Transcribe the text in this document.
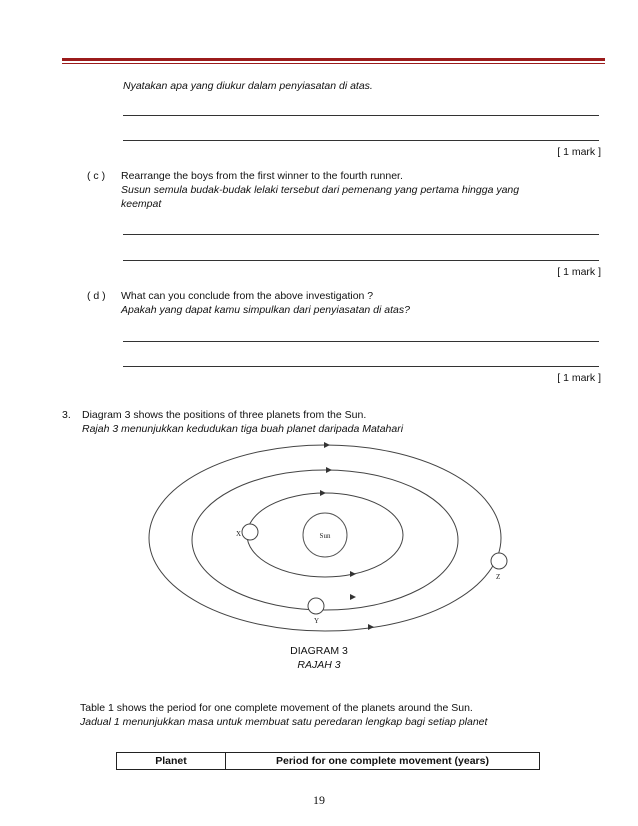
Nyatakan apa yang diukur dalam penyiasatan di atas.
[ 1 mark ]
( c ) Rearrange the boys from the first winner to the fourth runner.
Susun semula budak-budak lelaki tersebut dari pemenang yang pertama hingga yang
keempat
[ 1 mark ]
( d ) What can you conclude from the above investigation ?
Apakah yang dapat kamu simpulkan dari penyiasatan di atas?
[ 1 mark ]
3. Diagram 3 shows the positions of three planets from the Sun.
Rajah 3 menunjukkan kedudukan tiga buah planet daripada Matahari
Sun
X
Y
Z
DIAGRAM 3
RAJAH 3
Table 1 shows the period for one complete movement of the planets around the Sun.
Jadual 1 menunjukkan masa untuk membuat satu peredaran lengkap bagi setiap planet
Planet	Period for one complete movement (years)
19
